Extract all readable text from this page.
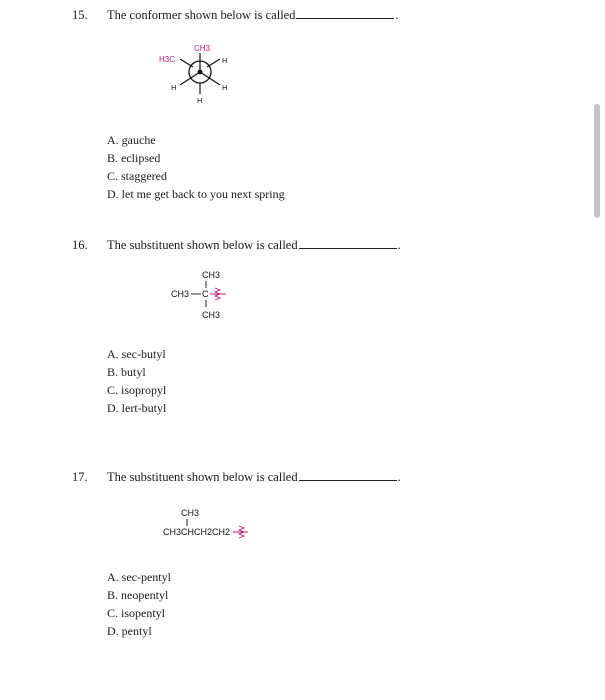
15. The conformer shown below is called	.
CH3
H3C	H
H
H
H
A. gauche
B. eclipsed
C. staggered
D. let me get back to you next spring
16. The substituent shown below is called	.
CH3
CH3 C
CH3
A. sec-butyl
B. butyl
C. isopropyl
D. lert-butyl
17. The substituent shown below is called	.
CH3
CH3CHCH2CH2
A. sec-pentyl
B. neopentyl
C. isopentyl
D. pentyl
